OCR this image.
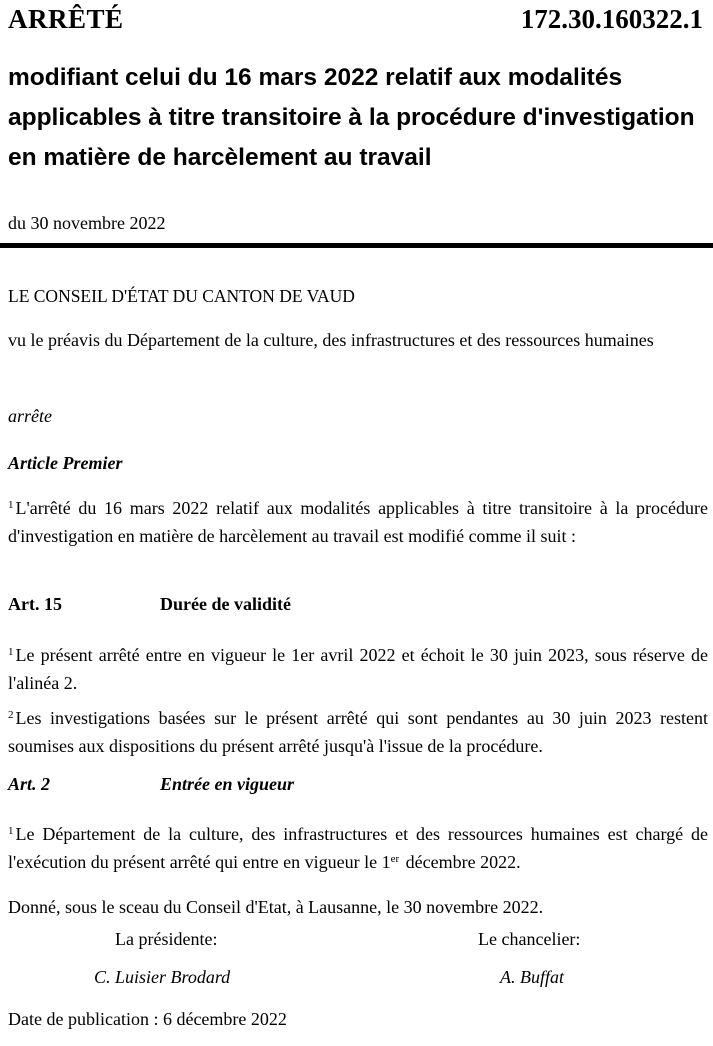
ARRÊTÉ	172.30.160322.1
modifiant celui du 16 mars 2022 relatif aux modalités applicables à titre transitoire à la procédure d'investigation en matière de harcèlement au travail
du 30 novembre 2022
LE CONSEIL D'ÉTAT DU CANTON DE VAUD
vu le préavis du Département de la culture, des infrastructures et des ressources humaines
arrête
Article Premier
$^1$ L'arrêté du 16 mars 2022 relatif aux modalités applicables à titre transitoire à la procédure d'investigation en matière de harcèlement au travail est modifié comme il suit :
Art. 15	Durée de validité
$^1$ Le présent arrêté entre en vigueur le 1er avril 2022 et échoit le 30 juin 2023, sous réserve de l'alinéa 2.
$^2$ Les investigations basées sur le présent arrêté qui sont pendantes au 30 juin 2023 restent soumises aux dispositions du présent arrêté jusqu'à l'issue de la procédure.
Art. 2	Entrée en vigueur
$^1$ Le Département de la culture, des infrastructures et des ressources humaines est chargé de l'exécution du présent arrêté qui entre en vigueur le 1er décembre 2022.
Donné, sous le sceau du Conseil d'Etat, à Lausanne, le 30 novembre 2022.
La présidente:	Le chancelier:
C. Luisier Brodard	A. Buffat
Date de publication : 6 décembre 2022
